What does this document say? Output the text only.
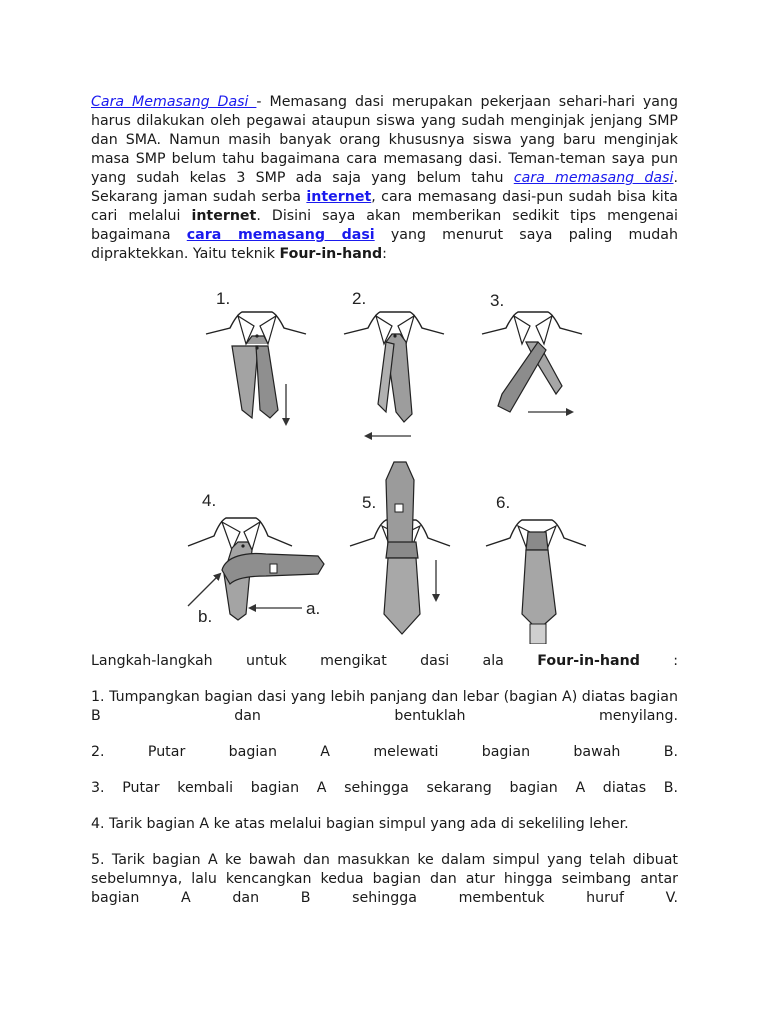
Cara Memasang Dasi - Memasang dasi merupakan pekerjaan sehari-hari yang harus dilakukan oleh pegawai ataupun siswa yang sudah menginjak jenjang SMP dan SMA. Namun masih banyak orang khususnya siswa yang baru menginjak masa SMP belum tahu bagaimana cara memasang dasi. Teman-teman saya pun yang sudah kelas 3 SMP ada saja yang belum tahu cara memasang dasi. Sekarang jaman sudah serba internet, cara memasang dasi-pun sudah bisa kita cari melalui internet. Disini saya akan memberikan sedikit tips mengenai bagaimana cara memasang dasi yang menurut saya paling mudah dipraktekkan. Yaitu teknik Four-in-hand:
1.	2.	3.
4.
b.	a.
5.	6.

Langkah-langkah untuk mengikat dasi ala Four-in-hand :

1. Tumpangkan bagian dasi yang lebih panjang dan lebar (bagian A) diatas bagian B dan bentuklah menyilang.

2. Putar bagian A melewati bagian bawah B.

3. Putar kembali bagian A sehingga sekarang bagian A diatas B.

4. Tarik bagian A ke atas melalui bagian simpul yang ada di sekeliling leher.

5. Tarik bagian A ke bawah dan masukkan ke dalam simpul yang telah dibuat sebelumnya, lalu kencangkan kedua bagian dan atur hingga seimbang antar bagian A dan B sehingga membentuk huruf V.
